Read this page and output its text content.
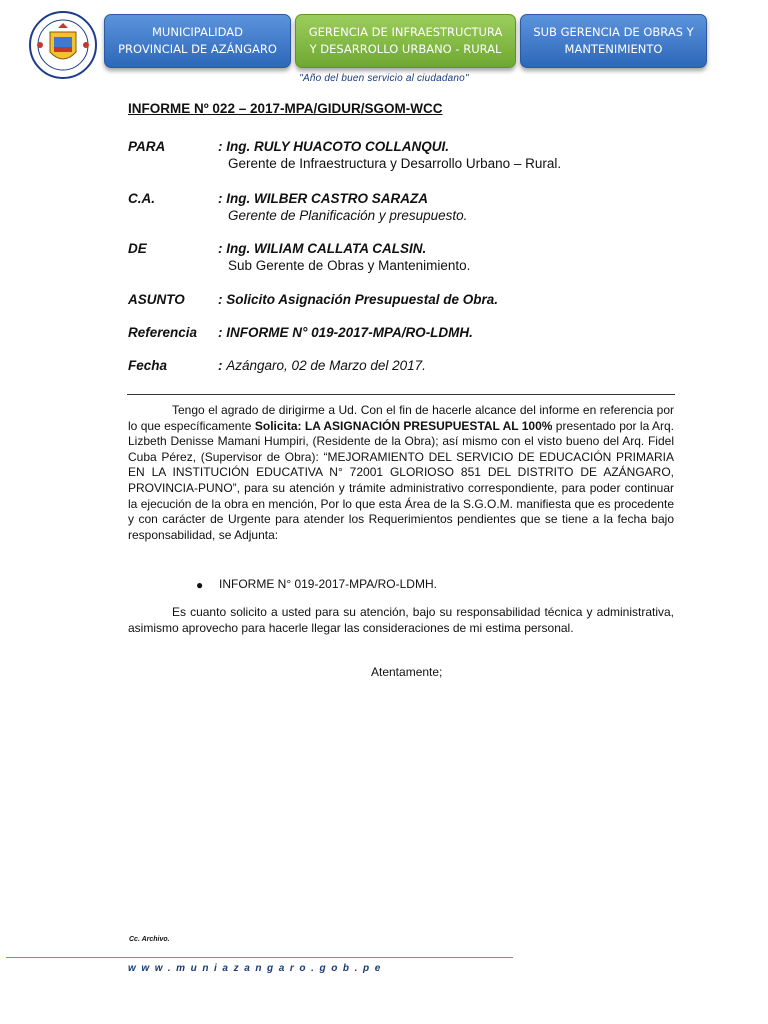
MUNICIPALIDAD
PROVINCIAL DE AZÁNGARO
GERENCIA DE INFRAESTRUCTURA
Y DESARROLLO URBANO - RURAL
SUB GERENCIA DE OBRAS Y
MANTENIMIENTO
"Año del buen servicio al ciudadano"
INFORME Nº 022 – 2017-MPA/GIDUR/SGOM-WCC
PARA	: Ing. RULY HUACOTO COLLANQUI.
Gerente de Infraestructura y Desarrollo Urbano – Rural.
C.A.	: Ing. WILBER CASTRO SARAZA
Gerente de Planificación y presupuesto.
DE	: Ing. WILIAM CALLATA CALSIN.
Sub Gerente de Obras y Mantenimiento.
ASUNTO : Solicito Asignación Presupuestal de Obra.
Referencia : INFORME N° 019-2017-MPA/RO-LDMH.
Fecha	: Azángaro, 02 de Marzo del 2017.
Tengo el agrado de dirigirme a Ud. Con el fin de hacerle alcance del informe en referencia por lo que específicamente Solicita: LA ASIGNACIÓN PRESUPUESTAL AL 100% presentado por la Arq. Lizbeth Denisse Mamani Humpiri, (Residente de la Obra); así mismo con el visto bueno del Arq. Fidel Cuba Pérez, (Supervisor de Obra): “MEJORAMIENTO DEL SERVICIO DE EDUCACIÓN PRIMARIA EN LA INSTITUCIÓN EDUCATIVA N° 72001 GLORIOSO 851 DEL DISTRITO DE AZÁNGARO, PROVINCIA-PUNO”, para su atención y trámite administrativo correspondiente, para poder continuar la ejecución de la obra en mención, Por lo que esta Área de la S.G.O.M. manifiesta que es procedente y con carácter de Urgente para atender los Requerimientos pendientes que se tiene a la fecha bajo responsabilidad, se Adjunta:
● INFORME N° 019-2017-MPA/RO-LDMH.
Es cuanto solicito a usted para su atención, bajo su responsabilidad técnica y administrativa, asimismo aprovecho para hacerle llegar las consideraciones de mi estima personal.
Atentamente;
Cc. Archivo.
www.muniazangaro.gob.pe
